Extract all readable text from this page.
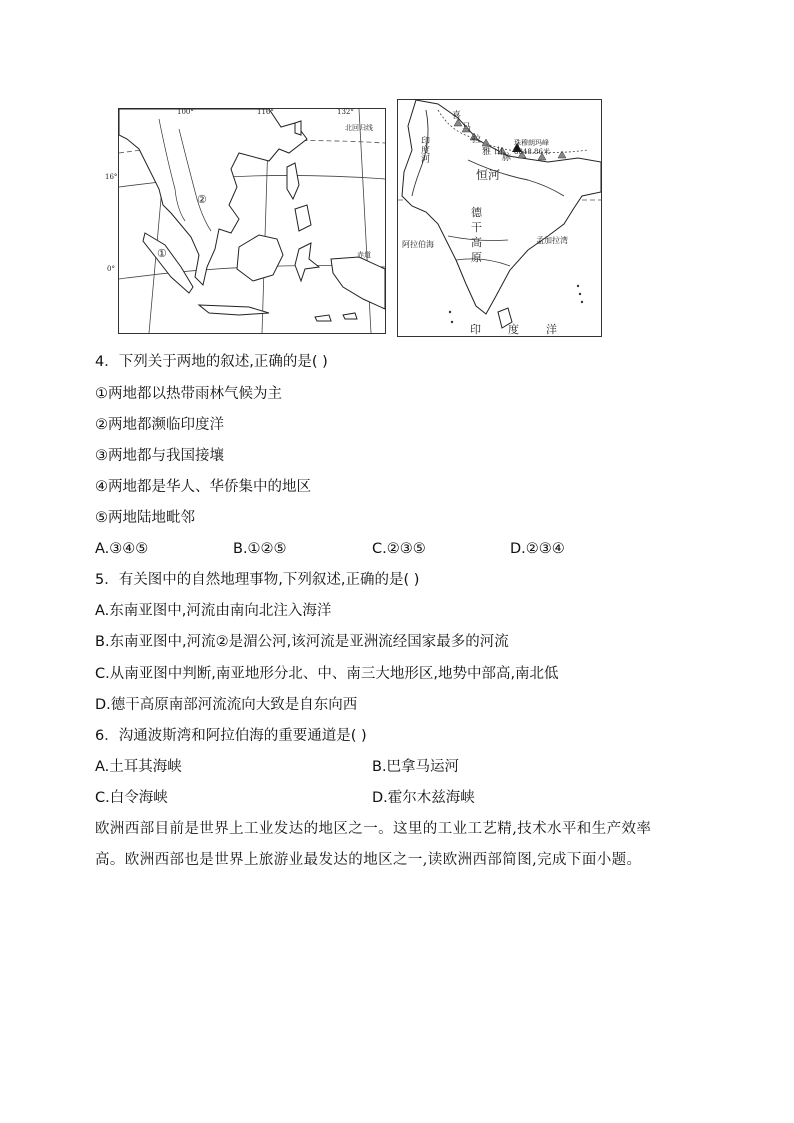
100°	116°	132°
16°
0°
北回归线
赤道
①
②
喜
马
拉
雅 山
脉
珠穆朗玛峰
8848.86米
印度河
恒河
德
干
高
原
阿拉伯海	孟加拉湾
印 度 洋
4．下列关于两地的叙述,正确的是( )
①两地都以热带雨林气候为主
②两地都濒临印度洋
③两地都与我国接壤
④两地都是华人、华侨集中的地区
⑤两地陆地毗邻
A.③④⑤	B.①②⑤	C.②③⑤	D.②③④
5．有关图中的自然地理事物,下列叙述,正确的是( )
A.东南亚图中,河流由南向北注入海洋
B.东南亚图中,河流②是湄公河,该河流是亚洲流经国家最多的河流
C.从南亚图中判断,南亚地形分北、中、南三大地形区,地势中部高,南北低
D.德干高原南部河流流向大致是自东向西
6．沟通波斯湾和阿拉伯海的重要通道是( )
A.土耳其海峡	B.巴拿马运河
C.白令海峡	D.霍尔木兹海峡
欧洲西部目前是世界上工业发达的地区之一。这里的工业工艺精,技术水平和生产效率
高。欧洲西部也是世界上旅游业最发达的地区之一,读欧洲西部简图,完成下面小题。
